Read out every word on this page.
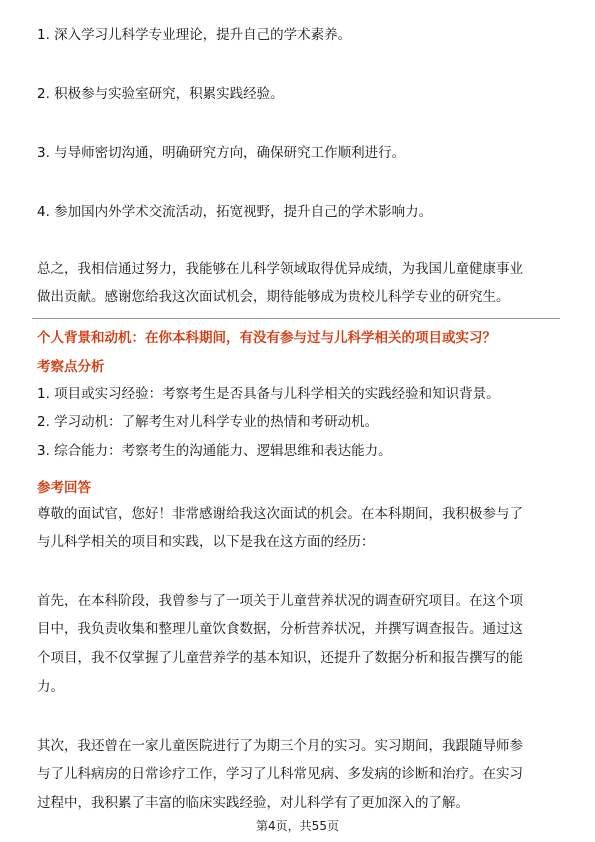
1. 深入学习儿科学专业理论，提升自己的学术素养。
2. 积极参与实验室研究，积累实践经验。
3. 与导师密切沟通，明确研究方向，确保研究工作顺利进行。
4. 参加国内外学术交流活动，拓宽视野，提升自己的学术影响力。
总之，我相信通过努力，我能够在儿科学领域取得优异成绩，为我国儿童健康事业
做出贡献。感谢您给我这次面试机会，期待能够成为贵校儿科学专业的研究生。
个人背景和动机：在你本科期间，有没有参与过与儿科学相关的项目或实习？
考察点分析
1. 项目或实习经验：考察考生是否具备与儿科学相关的实践经验和知识背景。
2. 学习动机：了解考生对儿科学专业的热情和考研动机。
3. 综合能力：考察考生的沟通能力、逻辑思维和表达能力。
参考回答
尊敬的面试官，您好！非常感谢给我这次面试的机会。在本科期间，我积极参与了
与儿科学相关的项目和实践，以下是我在这方面的经历：
首先，在本科阶段，我曾参与了一项关于儿童营养状况的调查研究项目。在这个项
目中，我负责收集和整理儿童饮食数据，分析营养状况，并撰写调查报告。通过这
个项目，我不仅掌握了儿童营养学的基本知识，还提升了数据分析和报告撰写的能
力。
其次，我还曾在一家儿童医院进行了为期三个月的实习。实习期间，我跟随导师参
与了儿科病房的日常诊疗工作，学习了儿科常见病、多发病的诊断和治疗。在实习
过程中，我积累了丰富的临床实践经验，对儿科学有了更加深入的了解。
第4页，共55页
